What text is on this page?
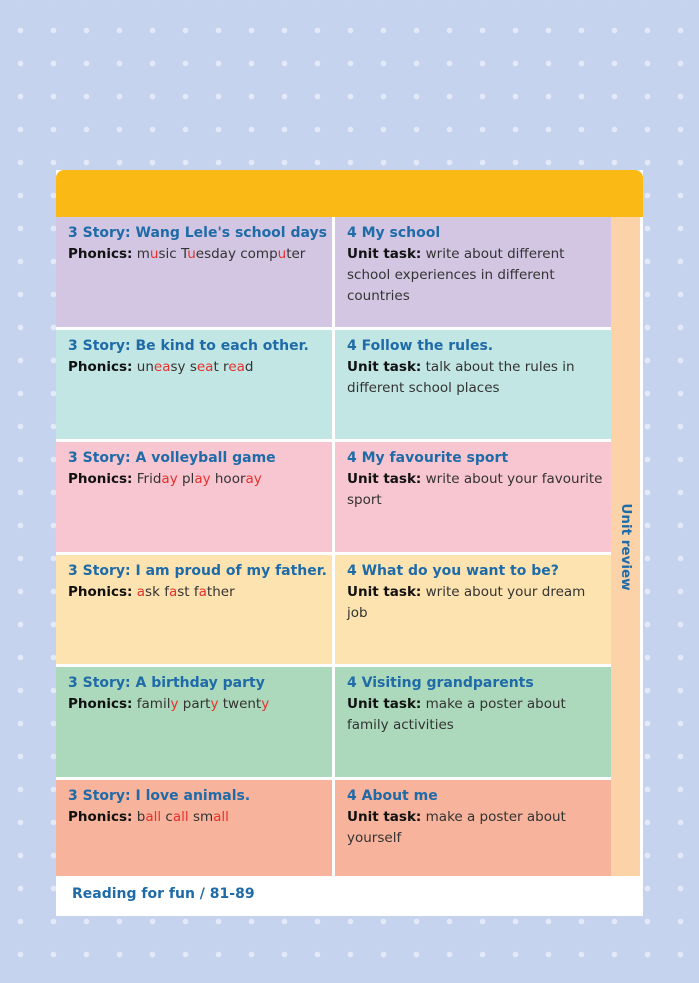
3 Story: Wang Lele's school days
Phonics: music Tuesday computer
4 My school
Unit task: write about different school experiences in different countries
3 Story: Be kind to each other.
Phonics: uneasy seat read
4 Follow the rules.
Unit task: talk about the rules in different school places
3 Story: A volleyball game
Phonics: Friday play hooray
4 My favourite sport
Unit task: write about your favourite sport
3 Story: I am proud of my father.
Phonics: ask fast father
4 What do you want to be?
Unit task: write about your dream job
3 Story: A birthday party
Phonics: family party twenty
4 Visiting grandparents
Unit task: make a poster about family activities
3 Story: I love animals.
Phonics: ball call small
4 About me
Unit task: make a poster about yourself
Unit review
Reading for fun / 81-89
